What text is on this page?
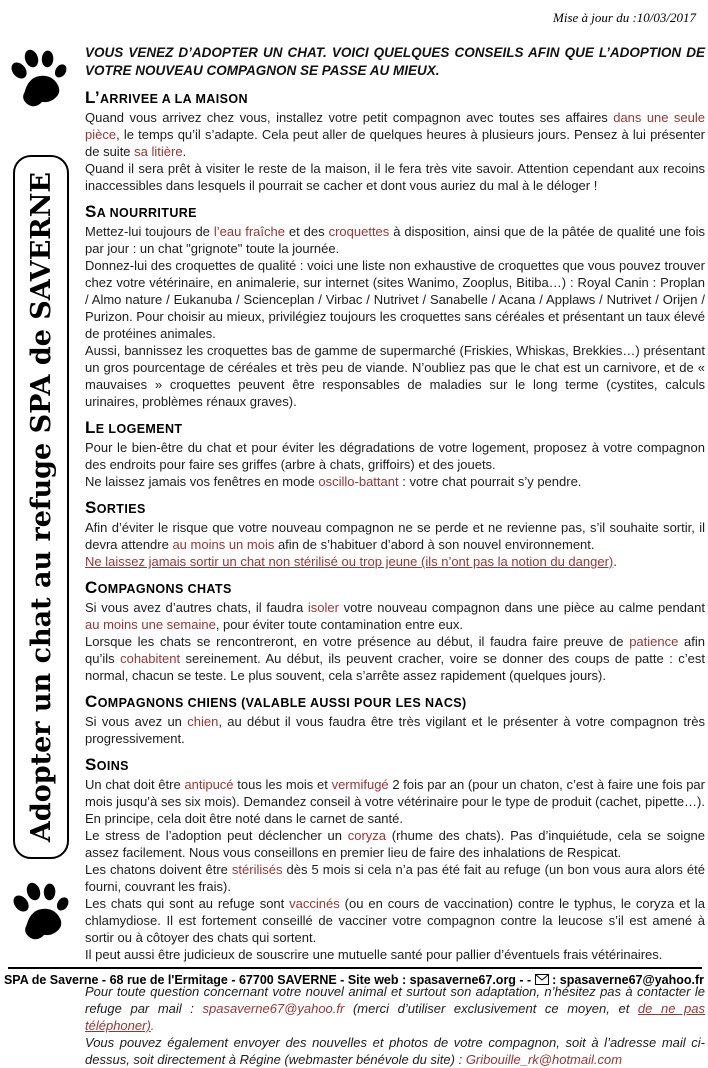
Mise à jour du :10/03/2017
Adopter un chat au refuge SPA de SAVERNE

VOUS VENEZ D’ADOPTER UN CHAT. VOICI QUELQUES CONSEILS AFIN QUE L’ADOPTION DE VOTRE NOUVEAU COMPAGNON SE PASSE AU MIEUX.

L’ARRIVEE A LA MAISON

Quand vous arrivez chez vous, installez votre petit compagnon avec toutes ses affaires dans une seule pièce, le temps qu’il s’adapte. Cela peut aller de quelques heures à plusieurs jours. Pensez à lui présenter de suite sa litière.

Quand il sera prêt à visiter le reste de la maison, il le fera très vite savoir. Attention cependant aux recoins inaccessibles dans lesquels il pourrait se cacher et dont vous auriez du mal à le déloger !

SA NOURRITURE

Mettez-lui toujours de l’eau fraîche et des croquettes à disposition, ainsi que de la pâtée de qualité une fois par jour : un chat "grignote" toute la journée.

Donnez-lui des croquettes de qualité : voici une liste non exhaustive de croquettes que vous pouvez trouver chez votre vétérinaire, en animalerie, sur internet (sites Wanimo, Zooplus, Bitiba…) : Royal Canin : Proplan / Almo nature / Eukanuba / Scienceplan / Virbac / Nutrivet / Sanabelle / Acana / Applaws / Nutrivet / Orijen / Purizon. Pour choisir au mieux, privilégiez toujours les croquettes sans céréales et présentant un taux élevé de protéines animales.

Aussi, bannissez les croquettes bas de gamme de supermarché (Friskies, Whiskas, Brekkies…) présentant un gros pourcentage de céréales et très peu de viande. N’oubliez pas que le chat est un carnivore, et de « mauvaises » croquettes peuvent être responsables de maladies sur le long terme (cystites, calculs urinaires, problèmes rénaux graves).

LE LOGEMENT

Pour le bien-être du chat et pour éviter les dégradations de votre logement, proposez à votre compagnon des endroits pour faire ses griffes (arbre à chats, griffoirs) et des jouets.

Ne laissez jamais vos fenêtres en mode oscillo-battant : votre chat pourrait s’y pendre.

SORTIES

Afin d’éviter le risque que votre nouveau compagnon ne se perde et ne revienne pas, s’il souhaite sortir, il devra attendre au moins un mois afin de s’habituer d’abord à son nouvel environnement.

Ne laissez jamais sortir un chat non stérilisé ou trop jeune (ils n’ont pas la notion du danger).

COMPAGNONS CHATS

Si vous avez d’autres chats, il faudra isoler votre nouveau compagnon dans une pièce au calme pendant au moins une semaine, pour éviter toute contamination entre eux.

Lorsque les chats se rencontreront, en votre présence au début, il faudra faire preuve de patience afin qu’ils cohabitent sereinement. Au début, ils peuvent cracher, voire se donner des coups de patte : c’est normal, chacun se teste. Le plus souvent, cela s’arrête assez rapidement (quelques jours).

COMPAGNONS CHIENS (VALABLE AUSSI POUR LES NACS)

Si vous avez un chien, au début il vous faudra être très vigilant et le présenter à votre compagnon très progressivement.

SOINS

Un chat doit être antipucé tous les mois et vermifugé 2 fois par an (pour un chaton, c’est à faire une fois par mois jusqu’à ses six mois). Demandez conseil à votre vétérinaire pour le type de produit (cachet, pipette…). En principe, cela doit être noté dans le carnet de santé.

Le stress de l’adoption peut déclencher un coryza (rhume des chats). Pas d’inquiétude, cela se soigne assez facilement. Nous vous conseillons en premier lieu de faire des inhalations de Respicat.

Les chatons doivent être stérilisés dès 5 mois si cela n’a pas été fait au refuge (un bon vous aura alors été fourni, couvrant les frais).

Les chats qui sont au refuge sont vaccinés (ou en cours de vaccination) contre le typhus, le coryza et la chlamydiose. Il est fortement conseillé de vacciner votre compagnon contre la leucose s’il est amené à sortir ou à côtoyer des chats qui sortent.

Il peut aussi être judicieux de souscrire une mutuelle santé pour pallier d’éventuels frais vétérinaires.

Pour toute question concernant votre nouvel animal et surtout son adaptation, n’hésitez pas à contacter le refuge par mail : spasaverne67@yahoo.fr (merci d’utiliser exclusivement ce moyen, et de ne pas téléphoner).

Vous pouvez également envoyer des nouvelles et photos de votre compagnon, soit à l’adresse mail ci-dessus, soit directement à Régine (webmaster bénévole du site) : Gribouille_rk@hotmail.com

SPA de Saverne - 68 rue de l'Ermitage - 67700 SAVERNE - Site web : spasaverne67.org - -  : spasaverne67@yahoo.fr
